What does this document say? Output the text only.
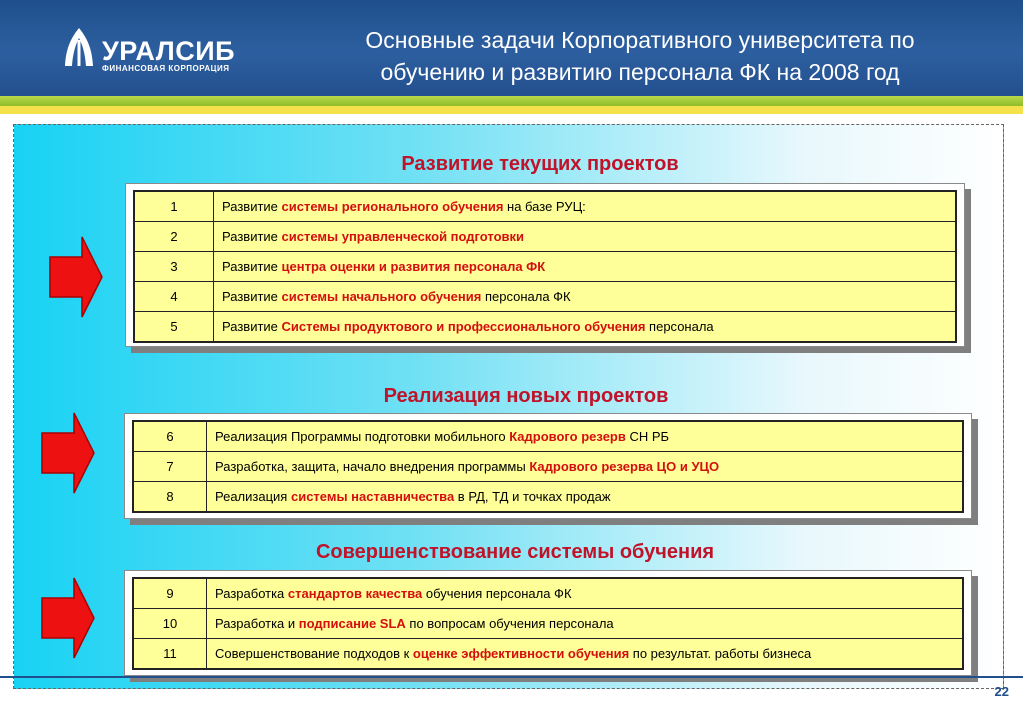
УРАЛСИБ
ФИНАНСОВАЯ КОРПОРАЦИЯ
Основные задачи Корпоративного университета по
обучению и развитию персонала ФК на 2008 год
Развитие текущих проектов
1	Развитие системы регионального обучения на базе РУЦ:
2	Развитие системы управленческой подготовки
3	Развитие центра оценки и развития персонала ФК
4	Развитие системы начального обучения персонала ФК
5	Развитие Системы продуктового и профессионального обучения персонала
Реализация новых проектов
6	Реализация Программы подготовки мобильного Кадрового резерв СН РБ
7	Разработка, защита, начало внедрения программы Кадрового резерва ЦО и УЦО
8	Реализация системы наставничества в РД, ТД и точках продаж
Совершенствование системы обучения
9	Разработка стандартов качества обучения персонала ФК
10	Разработка и подписание SLA по вопросам обучения персонала
11	Совершенствование подходов к оценке эффективности обучения по результат. работы бизнеса
22
